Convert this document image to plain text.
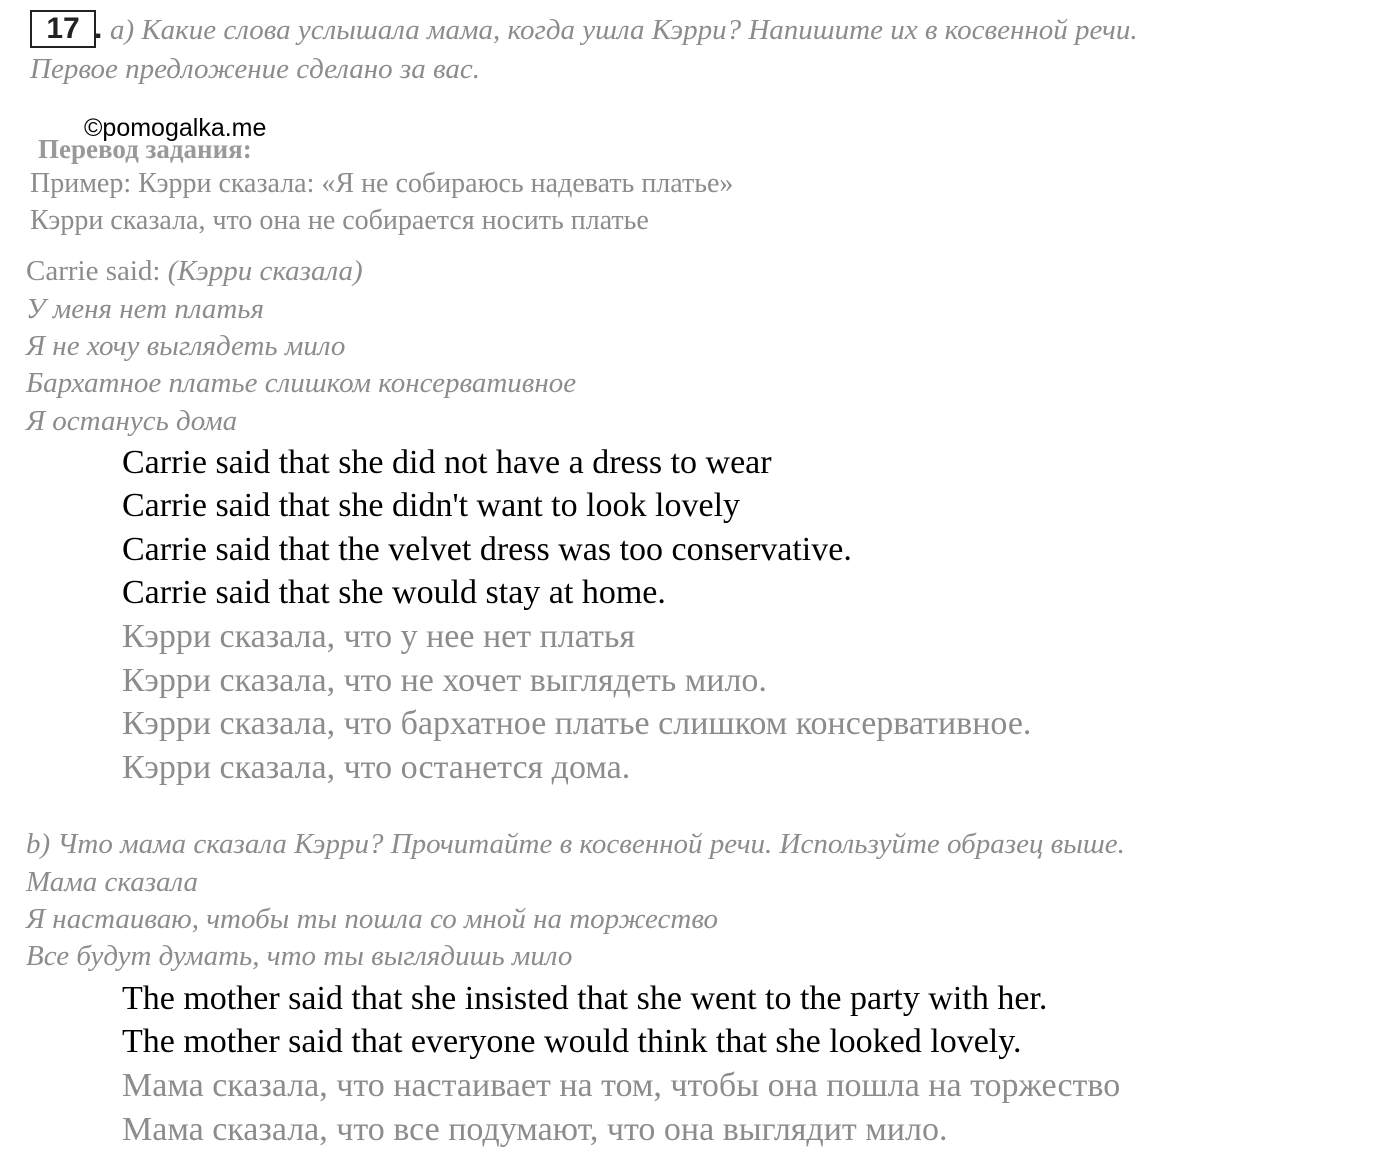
17 . a) Какие слова услышала мама, когда ушла Кэрри? Напишите их в косвенной речи.
Первое предложение сделано за вас.
Перевод задания:
©pomogalka.me
Пример: Кэрри сказала: «Я не собираюсь надевать платье»
Кэрри сказала, что она не собирается носить платье
Carrie said: (Кэрри сказала)
У меня нет платья
Я не хочу выглядеть мило
Бархатное платье слишком консервативное
Я останусь дома
Carrie said that she did not have a dress to wear
Carrie said that she didn't want to look lovely
Carrie said that the velvet dress was too conservative.
Carrie said that she would stay at home.
Кэрри сказала, что у нее нет платья
Кэрри сказала, что не хочет выглядеть мило.
Кэрри сказала, что бархатное платье слишком консервативное.
Кэрри сказала, что останется дома.
b) Что мама сказала Кэрри? Прочитайте в косвенной речи. Используйте образец выше.
Мама сказала
Я настаиваю, чтобы ты пошла со мной на торжество
Все будут думать, что ты выглядишь мило
The mother said that she insisted that she went to the party with her.
The mother said that everyone would think that she looked lovely.
Мама сказала, что настаивает на том, чтобы она пошла на торжество
Мама сказала, что все подумают, что она выглядит мило.
